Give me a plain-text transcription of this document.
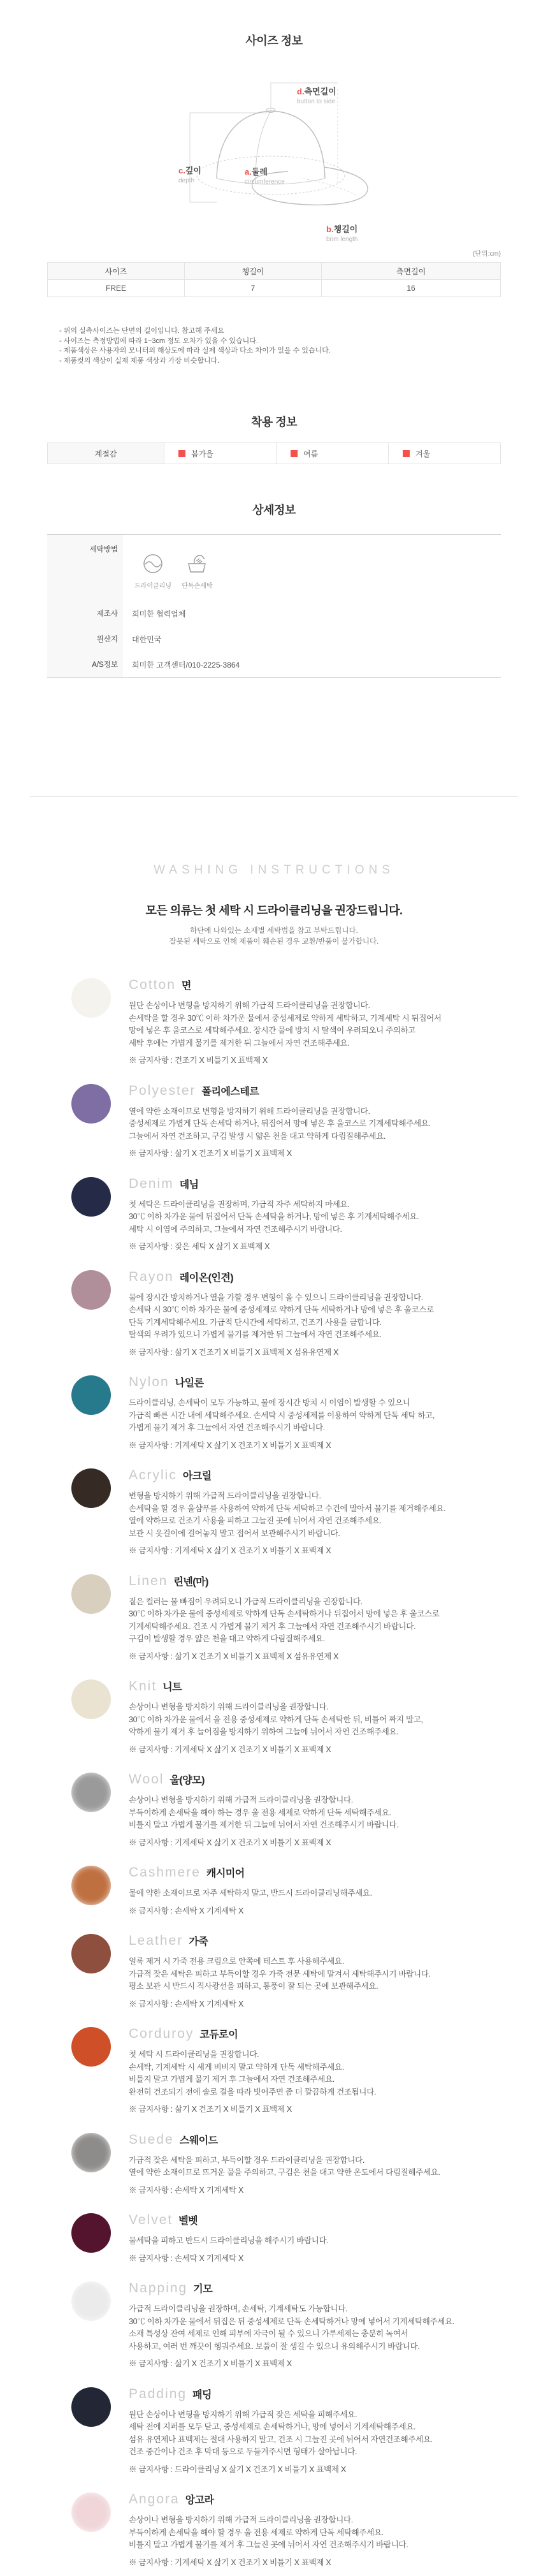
사이즈 정보
a.둘레
circumference
b.챙길이
brim length
c.깊이
depth
d.측면길이
button to side
(단위:cm)
사이즈	챙길이	측면길이
FREE	7	16
- 위의 실측사이즈는 단면의 길이입니다. 참고해 주세요
- 사이즈는 측정방법에 따라 1~3cm 정도 오차가 있을 수 있습니다.
- 제품색상은 사용자의 모니터의 해상도에 따라 실제 색상과 다소 차이가 있을 수 있습니다.
- 제품컷의 색상이 실제 제품 색상과 가장 비슷합니다.
착용 정보
계절감	봄가을	여름	겨울
상세정보
세탁방법	드라이클리닝
단독손세탁

제조사	희미한 협력업체
원산지	대한민국
A/S정보	희미한 고객센터/010-2225-3864
WASHING INSTRUCTIONS
모든 의류는 첫 세탁 시 드라이클리닝을 권장드립니다.
하단에 나와있는 소재별 세탁법을 참고 부탁드립니다.
잘못된 세탁으로 인해 제품이 훼손된 경우 교환/반품이 불가합니다.
Cotton 면
원단 손상이나 변형을 방지하기 위해 가급적 드라이클리닝을 권장합니다.
손세탁을 할 경우 30℃ 이하 차가운 물에서 중성세제로 약하게 세탁하고, 기계세탁 시 뒤집어서
망에 넣은 후 울코스로 세탁해주세요. 장시간 물에 방치 시 탈색이 우려되오니 주의하고
세탁 후에는 가볍게 물기를 제거한 뒤 그늘에서 자연 건조해주세요.
※ 금지사항 : 건조기 X 비틀기 X 표백제 X
Polyester 폴리에스테르
열에 약한 소재이므로 변형을 방지하기 위해 드라이클리닝을 권장합니다.
중성세제로 가볍게 단독 손세탁 하거나, 뒤집어서 망에 넣은 후 울코스로 기계세탁해주세요.
그늘에서 자연 건조하고, 구김 발생 시 얇은 천을 대고 약하게 다림질해주세요.
※ 금지사항 : 삶기 X 건조기 X 비틀기 X 표백제 X
Denim 데님
첫 세탁은 드라이클리닝을 권장하며, 가급적 자주 세탁하지 마세요.
30℃ 이하 차가운 물에 뒤집어서 단독 손세탁을 하거나, 망에 넣은 후 기계세탁해주세요.
세탁 시 이염에 주의하고, 그늘에서 자연 건조해주시기 바랍니다.
※ 금지사항 : 잦은 세탁 X 삶기 X 표백제 X
Rayon 레이온(인견)
물에 장시간 방치하거나 열을 가할 경우 변형이 올 수 있으니 드라이클리닝을 권장합니다.
손세탁 시 30℃ 이하 차가운 물에 중성세제로 약하게 단독 세탁하거나 망에 넣은 후 울코스로
단독 기계세탁해주세요. 가급적 단시간에 세탁하고, 건조기 사용을 금합니다.
탈색의 우려가 있으니 가볍게 물기를 제거한 뒤 그늘에서 자연 건조해주세요.
※ 금지사항 : 삶기 X 건조기 X 비틀기 X 표백제 X 섬유유연제 X
Nylon 나일론
드라이클리닝, 손세탁이 모두 가능하고, 물에 장시간 방치 시 이염이 발생할 수 있으니
가급적 빠른 시간 내에 세탁해주세요. 손세탁 시 중성세제를 이용하여 약하게 단독 세탁 하고,
가볍게 물기 제거 후 그늘에서 자연 건조해주시기 바랍니다.
※ 금지사항 : 기계세탁 X 삶기 X 건조기 X 비틀기 X 표백제 X
Acrylic 아크릴
변형을 방지하기 위해 가급적 드라이클리닝을 권장합니다.
손세탁을 할 경우 울샴푸를 사용하여 약하게 단독 세탁하고 수건에 말아서 물기를 제거해주세요.
열에 약하므로 건조기 사용을 피하고 그늘진 곳에 뉘어서 자연 건조해주세요.
보관 시 옷걸이에 걸어놓지 말고 접어서 보관해주시기 바랍니다.
※ 금지사항 : 기계세탁 X 삶기 X 건조기 X 비틀기 X 표백제 X
Linen 린넨(마)
짙은 컬러는 물 빠짐이 우려되오니 가급적 드라이클리닝을 권장합니다.
30℃ 이하 차가운 물에 중성세제로 약하게 단독 손세탁하거나 뒤집어서 망에 넣은 후 울코스로
기계세탁해주세요. 건조 시 가볍게 물기 제거 후 그늘에서 자연 건조해주시기 바랍니다.
구김이 발생할 경우 얇은 천을 대고 약하게 다림질해주세요.
※ 금지사항 : 삶기 X 건조기 X 비틀기 X 표백제 X 섬유유연제 X
Knit 니트
손상이나 변형을 방지하기 위해 드라이클리닝을 권장합니다.
30℃ 이하 차가운 물에서 울 전용 중성세제로 약하게 단독 손세탁한 뒤, 비틀어 짜지 말고,
약하게 물기 제거 후 늘어짐을 방지하기 위하여 그늘에 뉘어서 자연 건조해주세요.
※ 금지사항 : 기계세탁 X 삶기 X 건조기 X 비틀기 X 표백제 X
Wool 울(양모)
손상이나 변형을 방지하기 위해 가급적 드라이클리닝을 권장합니다.
부득이하게 손세탁을 해야 하는 경우 울 전용 세제로 약하게 단독 세탁해주세요.
비틀지 말고 가볍게 물기를 제거한 뒤 그늘에 뉘어서 자연 건조해주시기 바랍니다.
※ 금지사항 : 기계세탁 X 삶기 X 건조기 X 비틀기 X 표백제 X
Cashmere 캐시미어
물에 약한 소재이므로 자주 세탁하지 말고, 반드시 드라이클리닝해주세요.
※ 금지사항 : 손세탁 X 기계세탁 X
Leather 가죽
얼룩 제거 시 가죽 전용 크림으로 안쪽에 테스트 후 사용해주세요.
가급적 잦은 세탁은 피하고 부득이할 경우 가죽 전문 세탁에 맡겨서 세탁해주시기 바랍니다.
평소 보관 시 반드시 직사광선을 피하고, 통풍이 잘 되는 곳에 보관해주세요.
※ 금지사항 : 손세탁 X 기계세탁 X
Corduroy 코듀로이
첫 세탁 시 드라이클리닝을 권장합니다.
손세탁, 기계세탁 시 세게 비비지 말고 약하게 단독 세탁해주세요.
비틀지 말고 가볍게 물기 제거 후 그늘에서 자연 건조해주세요.
완전히 건조되기 전에 솔로 결을 따라 빗어주면 좀 더 깔끔하게 건조됩니다.
※ 금지사항 : 삶기 X 건조기 X 비틀기 X 표백제 X
Suede 스웨이드
가급적 잦은 세탁을 피하고, 부득이할 경우 드라이클리닝을 권장합니다.
열에 약한 소재이므로 뜨거운 물을 주의하고, 구김은 천을 대고 약한 온도에서 다림질해주세요.
※ 금지사항 : 손세탁 X 기계세탁 X
Velvet 벨벳
물세탁을 피하고 반드시 드라이클리닝을 해주시기 바랍니다.
※ 금지사항 : 손세탁 X 기계세탁 X
Napping 기모
가급적 드라이클리닝을 권장하며, 손세탁, 기계세탁도 가능합니다.
30℃ 이하 차가운 물에서 뒤집은 뒤 중성세제로 단독 손세탁하거나 망에 넣어서 기계세탁해주세요.
소재 특성상 잔여 세제로 인해 피부에 자극이 될 수 있으니 가루세제는 충분히 녹여서
사용하고, 여러 번 깨끗이 헹궈주세요. 보풀이 잘 생길 수 있으니 유의해주시기 바랍니다.
※ 금지사항 : 삶기 X 건조기 X 비틀기 X 표백제 X
Padding 패딩
원단 손상이나 변형을 방지하기 위해 가급적 잦은 세탁을 피해주세요.
세탁 전에 지퍼를 모두 닫고, 중성세제로 손세탁하거나, 망에 넣어서 기계세탁해주세요.
섬유 유연제나 표백제는 절대 사용하지 말고, 건조 시 그늘진 곳에 뉘어서 자연건조해주세요.
건조 중간이나 건조 후 막대 등으로 두들겨주시면 형태가 살아납니다.
※ 금지사항 : 드라이클리닝 X 삶기 X 건조기 X 비틀기 X 표백제 X
Angora 앙고라
손상이나 변형을 방지하기 위해 가급적 드라이클리닝을 권장합니다.
부득이하게 손세탁을 해야 할 경우 울 전용 세제로 약하게 단독 세탁해주세요.
비틀지 말고 가볍게 물기를 제거 후 그늘진 곳에 뉘어서 자연 건조해주시기 바랍니다.
※ 금지사항 : 기계세탁 X 삶기 X 건조기 X 비틀기 X 표백제 X
